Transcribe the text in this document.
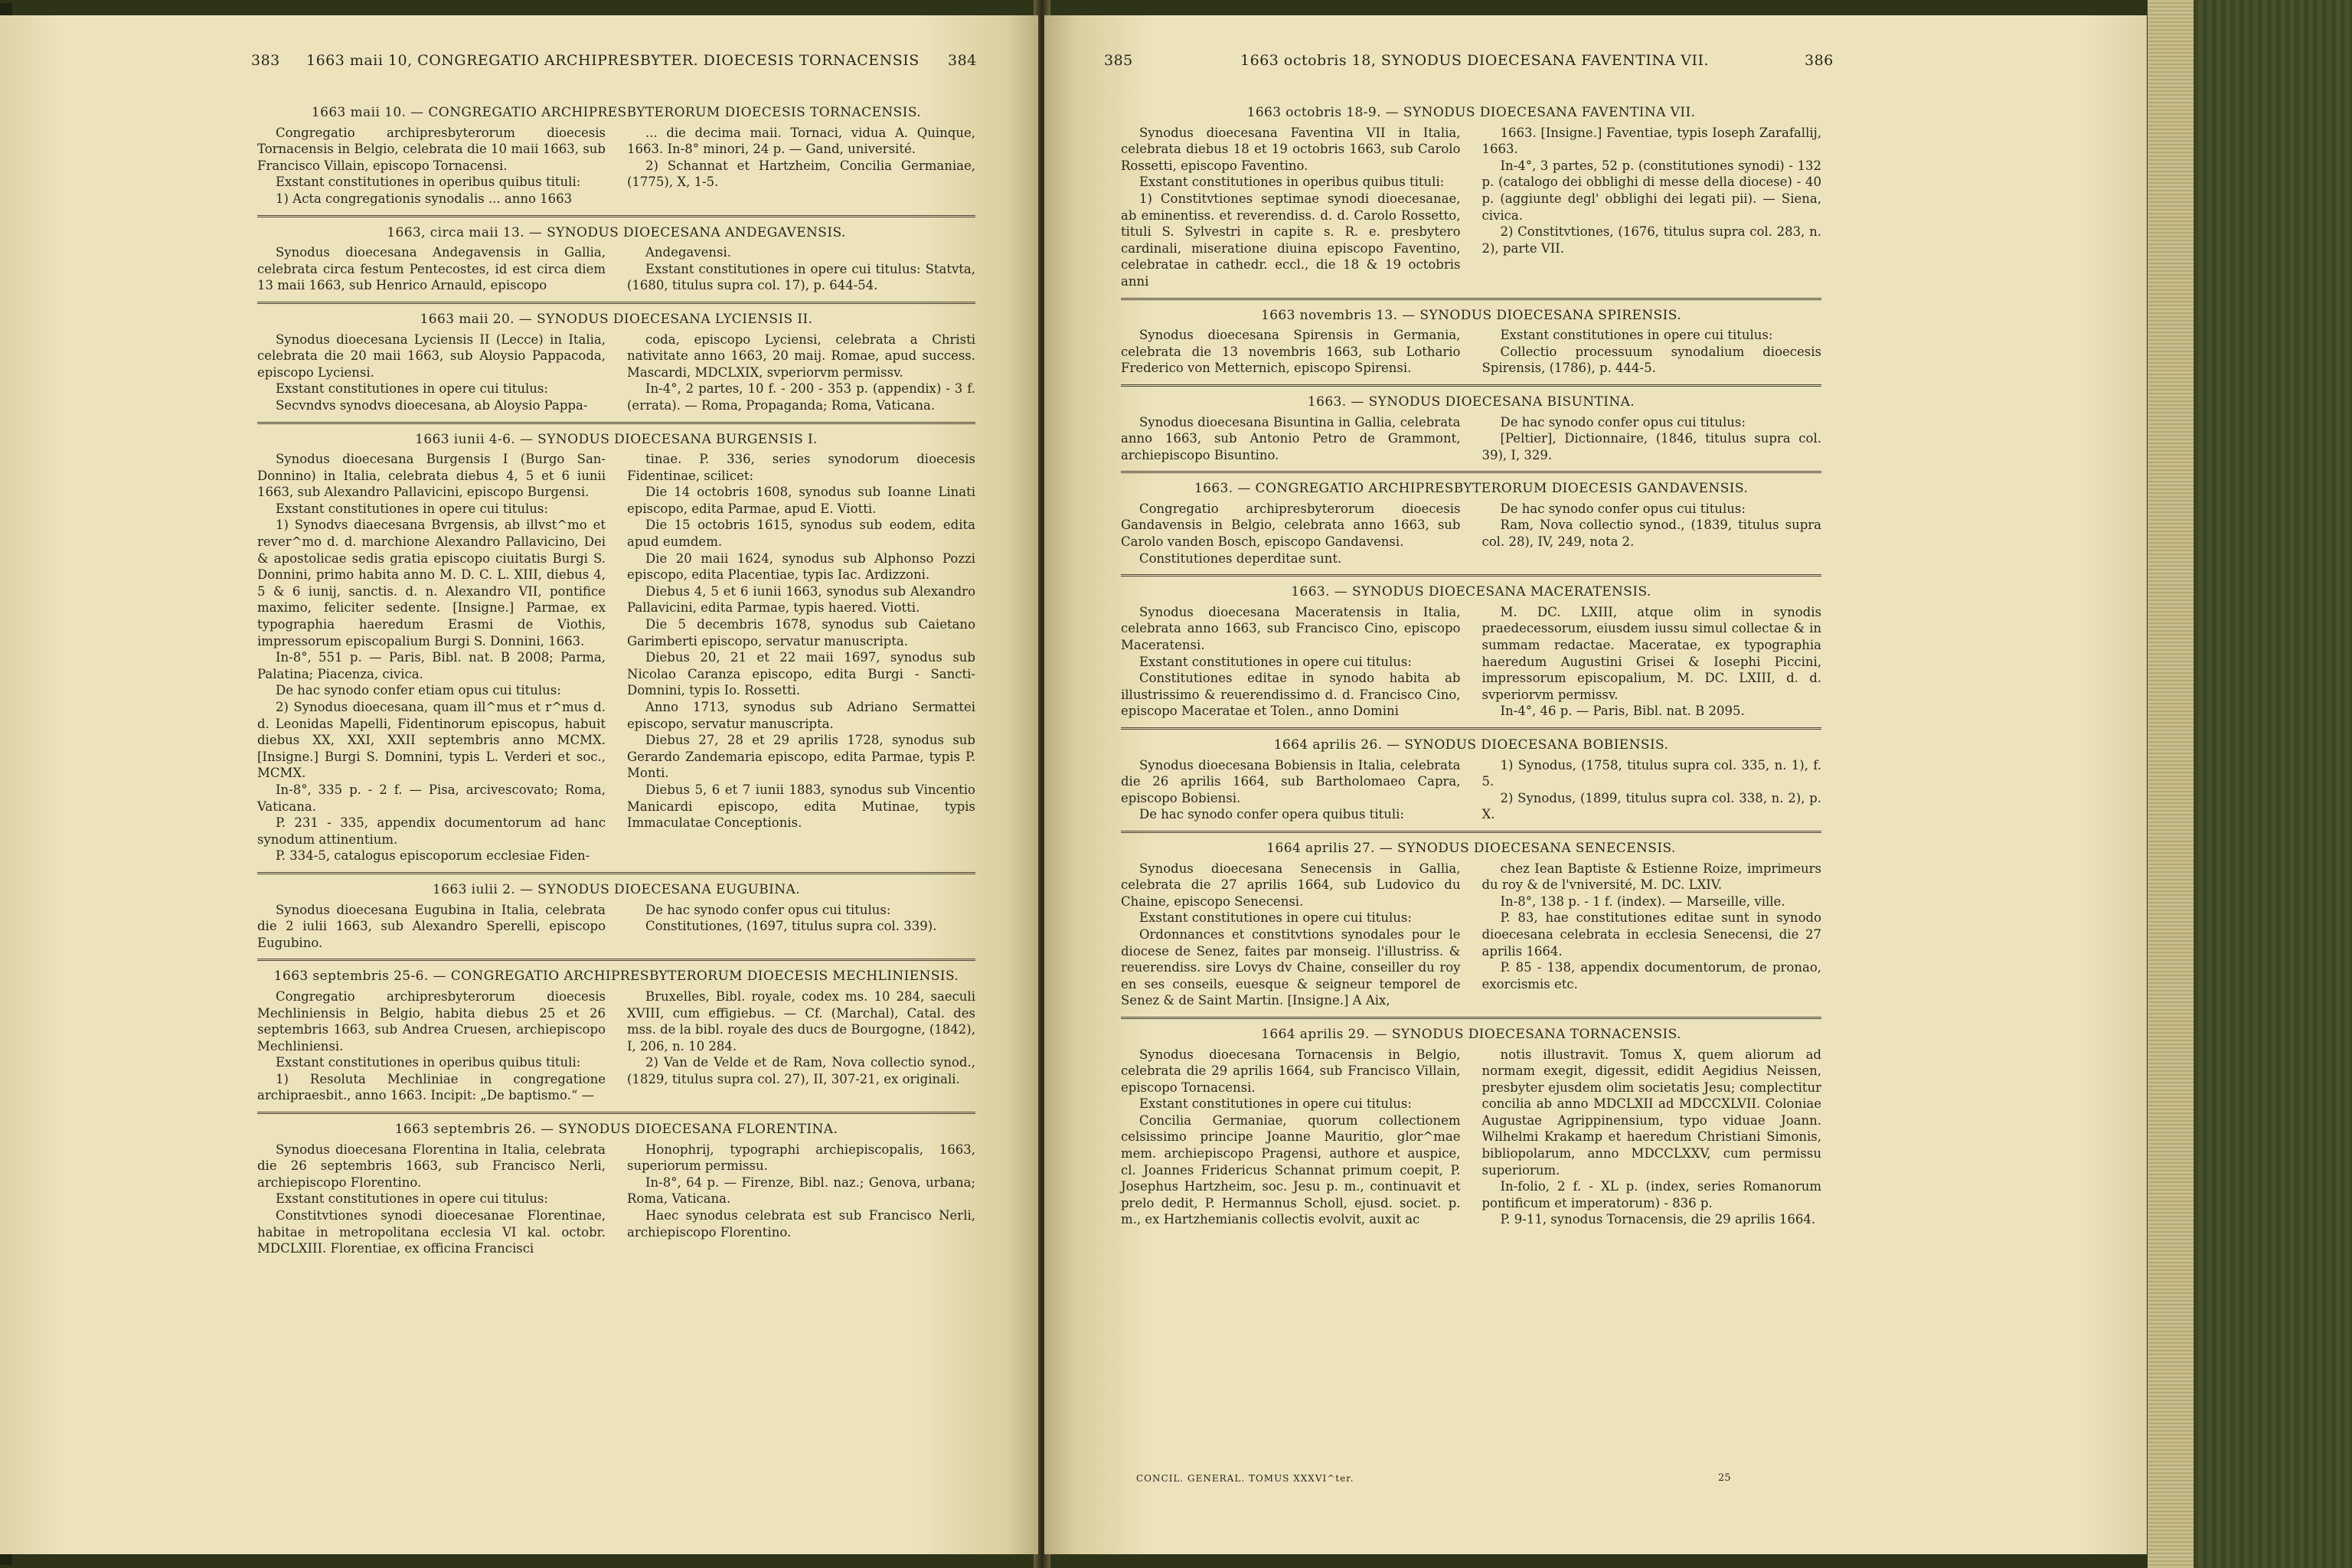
383 1663 maii 10, CONGREGATIO ARCHIPRESBYTER. DIOECESIS TORNACENSIS 384
1663 maii 10. — CONGREGATIO ARCHIPRESBYTERORUM DIOECESIS TORNACENSIS.

Congregatio archipresbyterorum dioecesis Tornacensis in Belgio, celebrata die 10 maii 1663, sub Francisco Villain, episcopo Tornacensi.

Exstant constitutiones in operibus quibus tituli:

1) Acta congregationis synodalis ... anno 1663

... die decima maii. Tornaci, vidua A. Quinque, 1663. In-8° minori, 24 p. — Gand, université.

2) Schannat et Hartzheim, Concilia Germaniae, (1775), X, 1-5.

1663, circa maii 13. — SYNODUS DIOECESANA ANDEGAVENSIS.

Synodus dioecesana Andegavensis in Gallia, celebrata circa festum Pentecostes, id est circa diem 13 maii 1663, sub Henrico Arnauld, episcopo

Andegavensi.

Exstant constitutiones in opere cui titulus: Statvta, (1680, titulus supra col. 17), p. 644-54.

1663 maii 20. — SYNODUS DIOECESANA LYCIENSIS II.

Synodus dioecesana Lyciensis II (Lecce) in Italia, celebrata die 20 maii 1663, sub Aloysio Pappacoda, episcopo Lyciensi.

Exstant constitutiones in opere cui titulus:

Secvndvs synodvs dioecesana, ab Aloysio Pappa-

coda, episcopo Lyciensi, celebrata a Christi nativitate anno 1663, 20 maij. Romae, apud success. Mascardi, MDCLXIX, svperiorvm permissv.

In-4°, 2 partes, 10 f. - 200 - 353 p. (appendix) - 3 f. (errata). — Roma, Propaganda; Roma, Vaticana.

1663 iunii 4-6. — SYNODUS DIOECESANA BURGENSIS I.

Synodus dioecesana Burgensis I (Burgo San-Donnino) in Italia, celebrata diebus 4, 5 et 6 iunii 1663, sub Alexandro Pallavicini, episcopo Burgensi.

Exstant constitutiones in opere cui titulus:

1) Synodvs diaecesana Bvrgensis, ab illvst^mo et rever^mo d. d. marchione Alexandro Pallavicino, Dei & apostolicae sedis gratia episcopo ciuitatis Burgi S. Donnini, primo habita anno M. D. C. L. XIII, diebus 4, 5 & 6 iunij, sanctis. d. n. Alexandro VII, pontifice maximo, feliciter sedente. [Insigne.] Parmae, ex typographia haeredum Erasmi de Viothis, impressorum episcopalium Burgi S. Donnini, 1663.

In-8°, 551 p. — Paris, Bibl. nat. B 2008; Parma, Palatina; Piacenza, civica.

De hac synodo confer etiam opus cui titulus:

2) Synodus dioecesana, quam ill^mus et r^mus d. d. Leonidas Mapelli, Fidentinorum episcopus, habuit diebus XX, XXI, XXII septembris anno MCMX. [Insigne.] Burgi S. Domnini, typis L. Verderi et soc., MCMX.

In-8°, 335 p. - 2 f. — Pisa, arcivescovato; Roma, Vaticana.

P. 231 - 335, appendix documentorum ad hanc synodum attinentium.

P. 334-5, catalogus episcoporum ecclesiae Fiden-

tinae. P. 336, series synodorum dioecesis Fidentinae, scilicet:

Die 14 octobris 1608, synodus sub Ioanne Linati episcopo, edita Parmae, apud E. Viotti.

Die 15 octobris 1615, synodus sub eodem, edita apud eumdem.

Die 20 maii 1624, synodus sub Alphonso Pozzi episcopo, edita Placentiae, typis Iac. Ardizzoni.

Diebus 4, 5 et 6 iunii 1663, synodus sub Alexandro Pallavicini, edita Parmae, typis haered. Viotti.

Die 5 decembris 1678, synodus sub Caietano Garimberti episcopo, servatur manuscripta.

Diebus 20, 21 et 22 maii 1697, synodus sub Nicolao Caranza episcopo, edita Burgi - Sancti-Domnini, typis Io. Rossetti.

Anno 1713, synodus sub Adriano Sermattei episcopo, servatur manuscripta.

Diebus 27, 28 et 29 aprilis 1728, synodus sub Gerardo Zandemaria episcopo, edita Parmae, typis P. Monti.

Diebus 5, 6 et 7 iunii 1883, synodus sub Vincentio Manicardi episcopo, edita Mutinae, typis Immaculatae Conceptionis.

1663 iulii 2. — SYNODUS DIOECESANA EUGUBINA.

Synodus dioecesana Eugubina in Italia, celebrata die 2 iulii 1663, sub Alexandro Sperelli, episcopo Eugubino.

De hac synodo confer opus cui titulus:

Constitutiones, (1697, titulus supra col. 339).

1663 septembris 25-6. — CONGREGATIO ARCHIPRESBYTERORUM DIOECESIS MECHLINIENSIS.

Congregatio archipresbyterorum dioecesis Mechliniensis in Belgio, habita diebus 25 et 26 septembris 1663, sub Andrea Cruesen, archiepiscopo Mechliniensi.

Exstant constitutiones in operibus quibus tituli:

1) Resoluta Mechliniae in congregatione archipraesbit., anno 1663. Incipit: „De baptismo.“ —

Bruxelles, Bibl. royale, codex ms. 10 284, saeculi XVIII, cum effigiebus. — Cf. (Marchal), Catal. des mss. de la bibl. royale des ducs de Bourgogne, (1842), I, 206, n. 10 284.

2) Van de Velde et de Ram, Nova collectio synod., (1829, titulus supra col. 27), II, 307-21, ex originali.

1663 septembris 26. — SYNODUS DIOECESANA FLORENTINA.

Synodus dioecesana Florentina in Italia, celebrata die 26 septembris 1663, sub Francisco Nerli, archiepiscopo Florentino.

Exstant constitutiones in opere cui titulus:

Constitvtiones synodi dioecesanae Florentinae, habitae in metropolitana ecclesia VI kal. octobr. MDCLXIII. Florentiae, ex officina Francisci

Honophrij, typographi archiepiscopalis, 1663, superiorum permissu.

In-8°, 64 p. — Firenze, Bibl. naz.; Genova, urbana; Roma, Vaticana.

Haec synodus celebrata est sub Francisco Nerli, archiepiscopo Florentino.

385	1663 octobris 18, SYNODUS DIOECESANA FAVENTINA VII.	386
1663 octobris 18-9. — SYNODUS DIOECESANA FAVENTINA VII.

Synodus dioecesana Faventina VII in Italia, celebrata diebus 18 et 19 octobris 1663, sub Carolo Rossetti, episcopo Faventino.

Exstant constitutiones in operibus quibus tituli:

1) Constitvtiones septimae synodi dioecesanae, ab eminentiss. et reverendiss. d. d. Carolo Rossetto, tituli S. Sylvestri in capite s. R. e. presbytero cardinali, miseratione diuina episcopo Faventino, celebratae in cathedr. eccl., die 18 & 19 octobris anni

1663. [Insigne.] Faventiae, typis Ioseph Zarafallij, 1663.

In-4°, 3 partes, 52 p. (constitutiones synodi) - 132 p. (catalogo dei obblighi di messe della diocese) - 40 p. (aggiunte degl' obblighi dei legati pii). — Siena, civica.

2) Constitvtiones, (1676, titulus supra col. 283, n. 2), parte VII.

1663 novembris 13. — SYNODUS DIOECESANA SPIRENSIS.

Synodus dioecesana Spirensis in Germania, celebrata die 13 novembris 1663, sub Lothario Frederico von Metternich, episcopo Spirensi.

Exstant constitutiones in opere cui titulus:

Collectio processuum synodalium dioecesis Spirensis, (1786), p. 444-5.

1663. — SYNODUS DIOECESANA BISUNTINA.

Synodus dioecesana Bisuntina in Gallia, celebrata anno 1663, sub Antonio Petro de Grammont, archiepiscopo Bisuntino.

De hac synodo confer opus cui titulus:

[Peltier], Dictionnaire, (1846, titulus supra col. 39), I, 329.

1663. — CONGREGATIO ARCHIPRESBYTERORUM DIOECESIS GANDAVENSIS.

Congregatio archipresbyterorum dioecesis Gandavensis in Belgio, celebrata anno 1663, sub Carolo vanden Bosch, episcopo Gandavensi.

Constitutiones deperditae sunt.

De hac synodo confer opus cui titulus:

Ram, Nova collectio synod., (1839, titulus supra col. 28), IV, 249, nota 2.

1663. — SYNODUS DIOECESANA MACERATENSIS.

Synodus dioecesana Maceratensis in Italia, celebrata anno 1663, sub Francisco Cino, episcopo Maceratensi.

Exstant constitutiones in opere cui titulus:

Constitutiones editae in synodo habita ab illustrissimo & reuerendissimo d. d. Francisco Cino, episcopo Maceratae et Tolen., anno Domini

M. DC. LXIII, atque olim in synodis praedecessorum, eiusdem iussu simul collectae & in summam redactae. Maceratae, ex typographia haeredum Augustini Grisei & Iosephi Piccini, impressorum episcopalium, M. DC. LXIII, d. d. svperiorvm permissv.

In-4°, 46 p. — Paris, Bibl. nat. B 2095.

1664 aprilis 26. — SYNODUS DIOECESANA BOBIENSIS.

Synodus dioecesana Bobiensis in Italia, celebrata die 26 aprilis 1664, sub Bartholomaeo Capra, episcopo Bobiensi.

De hac synodo confer opera quibus tituli:

1) Synodus, (1758, titulus supra col. 335, n. 1), f. 5.

2) Synodus, (1899, titulus supra col. 338, n. 2), p. X.

1664 aprilis 27. — SYNODUS DIOECESANA SENECENSIS.

Synodus dioecesana Senecensis in Gallia, celebrata die 27 aprilis 1664, sub Ludovico du Chaine, episcopo Senecensi.

Exstant constitutiones in opere cui titulus:

Ordonnances et constitvtions synodales pour le diocese de Senez, faites par monseig. l'illustriss. & reuerendiss. sire Lovys dv Chaine, conseiller du roy en ses conseils, euesque & seigneur temporel de Senez & de Saint Martin. [Insigne.] A Aix,

chez Iean Baptiste & Estienne Roize, imprimeurs du roy & de l'vniversité, M. DC. LXIV.

In-8°, 138 p. - 1 f. (index). — Marseille, ville.

P. 83, hae constitutiones editae sunt in synodo dioecesana celebrata in ecclesia Senecensi, die 27 aprilis 1664.

P. 85 - 138, appendix documentorum, de pronao, exorcismis etc.

1664 aprilis 29. — SYNODUS DIOECESANA TORNACENSIS.

Synodus dioecesana Tornacensis in Belgio, celebrata die 29 aprilis 1664, sub Francisco Villain, episcopo Tornacensi.

Exstant constitutiones in opere cui titulus:

Concilia Germaniae, quorum collectionem celsissimo principe Joanne Mauritio, glor^mae mem. archiepiscopo Pragensi, authore et auspice, cl. Joannes Fridericus Schannat primum coepit, P. Josephus Hartzheim, soc. Jesu p. m., continuavit et prelo dedit, P. Hermannus Scholl, ejusd. societ. p. m., ex Hartzhemianis collectis evolvit, auxit ac

notis illustravit. Tomus X, quem aliorum ad normam exegit, digessit, edidit Aegidius Neissen, presbyter ejusdem olim societatis Jesu; complectitur concilia ab anno MDCLXII ad MDCCXLVII. Coloniae Augustae Agrippinensium, typo viduae Joann. Wilhelmi Krakamp et haeredum Christiani Simonis, bibliopolarum, anno MDCCLXXV, cum permissu superiorum.

In-folio, 2 f. - XL p. (index, series Romanorum pontificum et imperatorum) - 836 p.

P. 9-11, synodus Tornacensis, die 29 aprilis 1664.

CONCIL. GENERAL. TOMUS XXXVI^ter.	25
